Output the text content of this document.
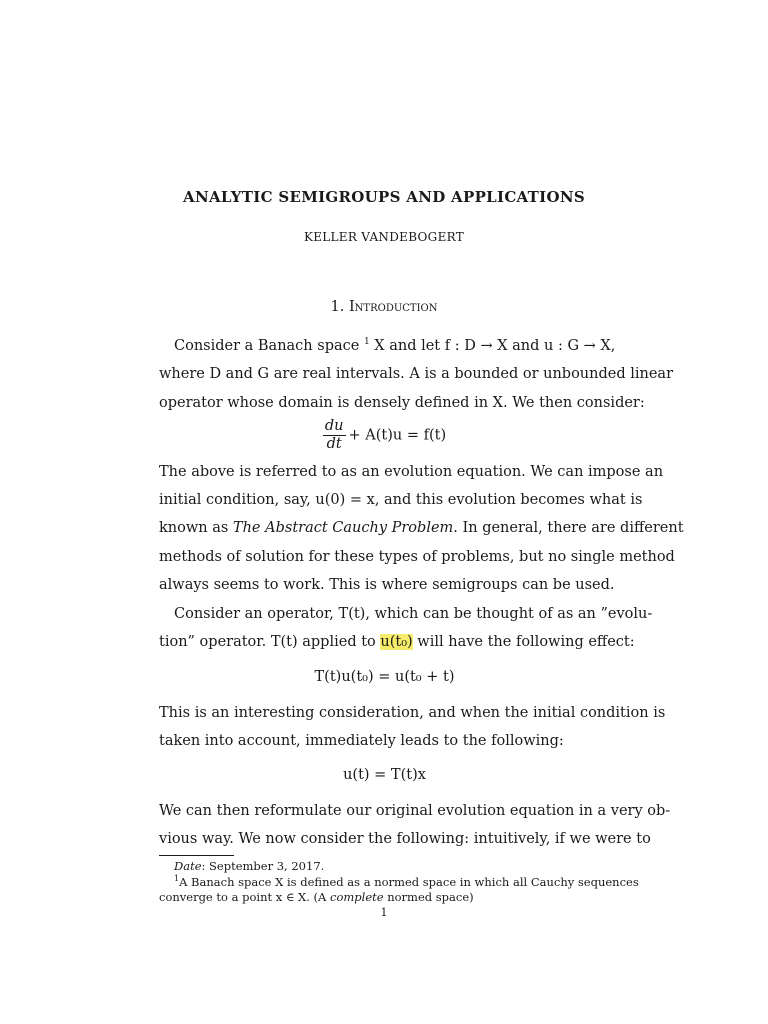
ANALYTIC SEMIGROUPS AND APPLICATIONS
KELLER VANDEBOGERT
1. Introduction
Consider a Banach space $^1$ X and let f : D → X and u : G → X,
where D and G are real intervals. A is a bounded or unbounded linear
operator whose domain is densely defined in X. We then consider:
$\frac{du}{dt} + A(t)u = f(t)$
The above is referred to as an evolution equation. We can impose an
initial condition, say, u(0) = x, and this evolution becomes what is
known as The Abstract Cauchy Problem. In general, there are different
methods of solution for these types of problems, but no single method
always seems to work. This is where semigroups can be used.
Consider an operator, T(t), which can be thought of as an ”evolu-
tion” operator. T(t) applied to u(t₀) will have the following effect:
T(t)u(t₀) = u(t₀ + t)
This is an interesting consideration, and when the initial condition is
taken into account, immediately leads to the following:
u(t) = T(t)x
We can then reformulate our original evolution equation in a very ob-
vious way. We now consider the following: intuitively, if we were to
Date: September 3, 2017.
$^1$A Banach space X is defined as a normed space in which all Cauchy sequences
converge to a point x ∈ X. (A complete normed space)
1
